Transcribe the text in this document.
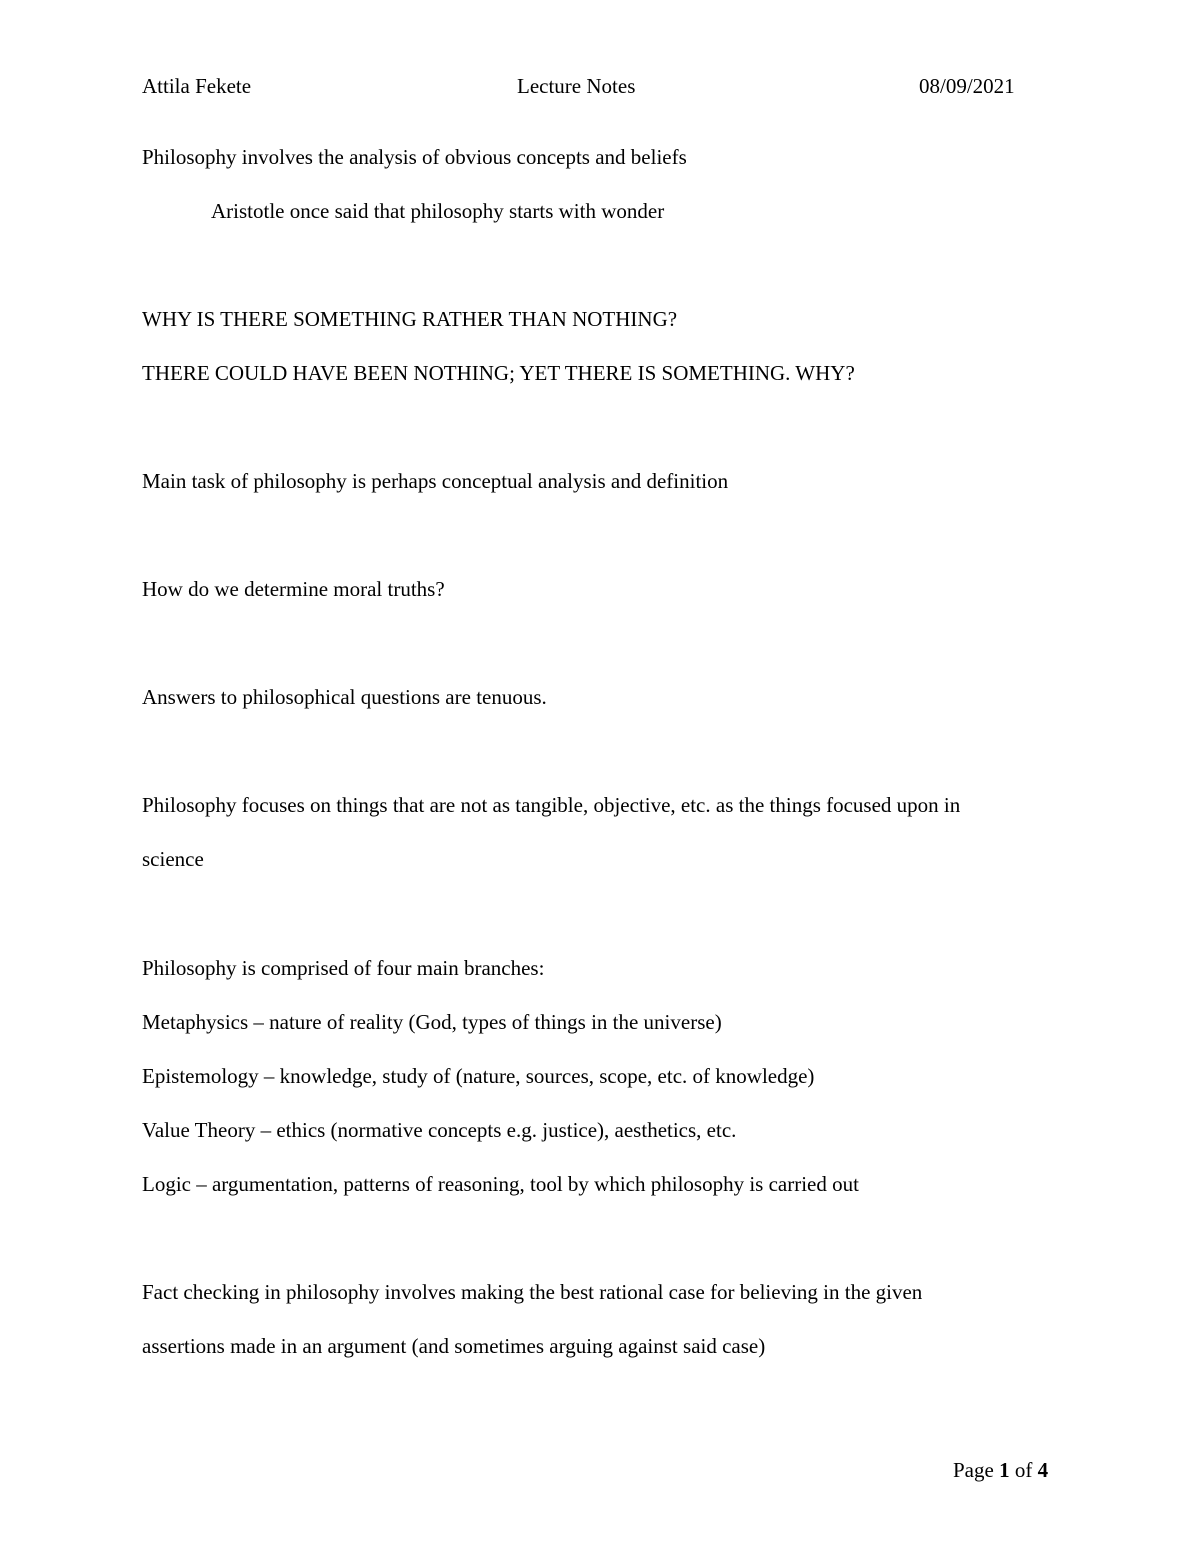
Attila Fekete	Lecture Notes	08/09/2021
Philosophy involves the analysis of obvious concepts and beliefs
Aristotle once said that philosophy starts with wonder
WHY IS THERE SOMETHING RATHER THAN NOTHING?
THERE COULD HAVE BEEN NOTHING; YET THERE IS SOMETHING. WHY?
Main task of philosophy is perhaps conceptual analysis and definition
How do we determine moral truths?
Answers to philosophical questions are tenuous.
Philosophy focuses on things that are not as tangible, objective, etc. as the things focused upon in
science
Philosophy is comprised of four main branches:
Metaphysics – nature of reality (God, types of things in the universe)
Epistemology – knowledge, study of (nature, sources, scope, etc. of knowledge)
Value Theory – ethics (normative concepts e.g. justice), aesthetics, etc.
Logic – argumentation, patterns of reasoning, tool by which philosophy is carried out
Fact checking in philosophy involves making the best rational case for believing in the given
assertions made in an argument (and sometimes arguing against said case)
Page 1 of 4
